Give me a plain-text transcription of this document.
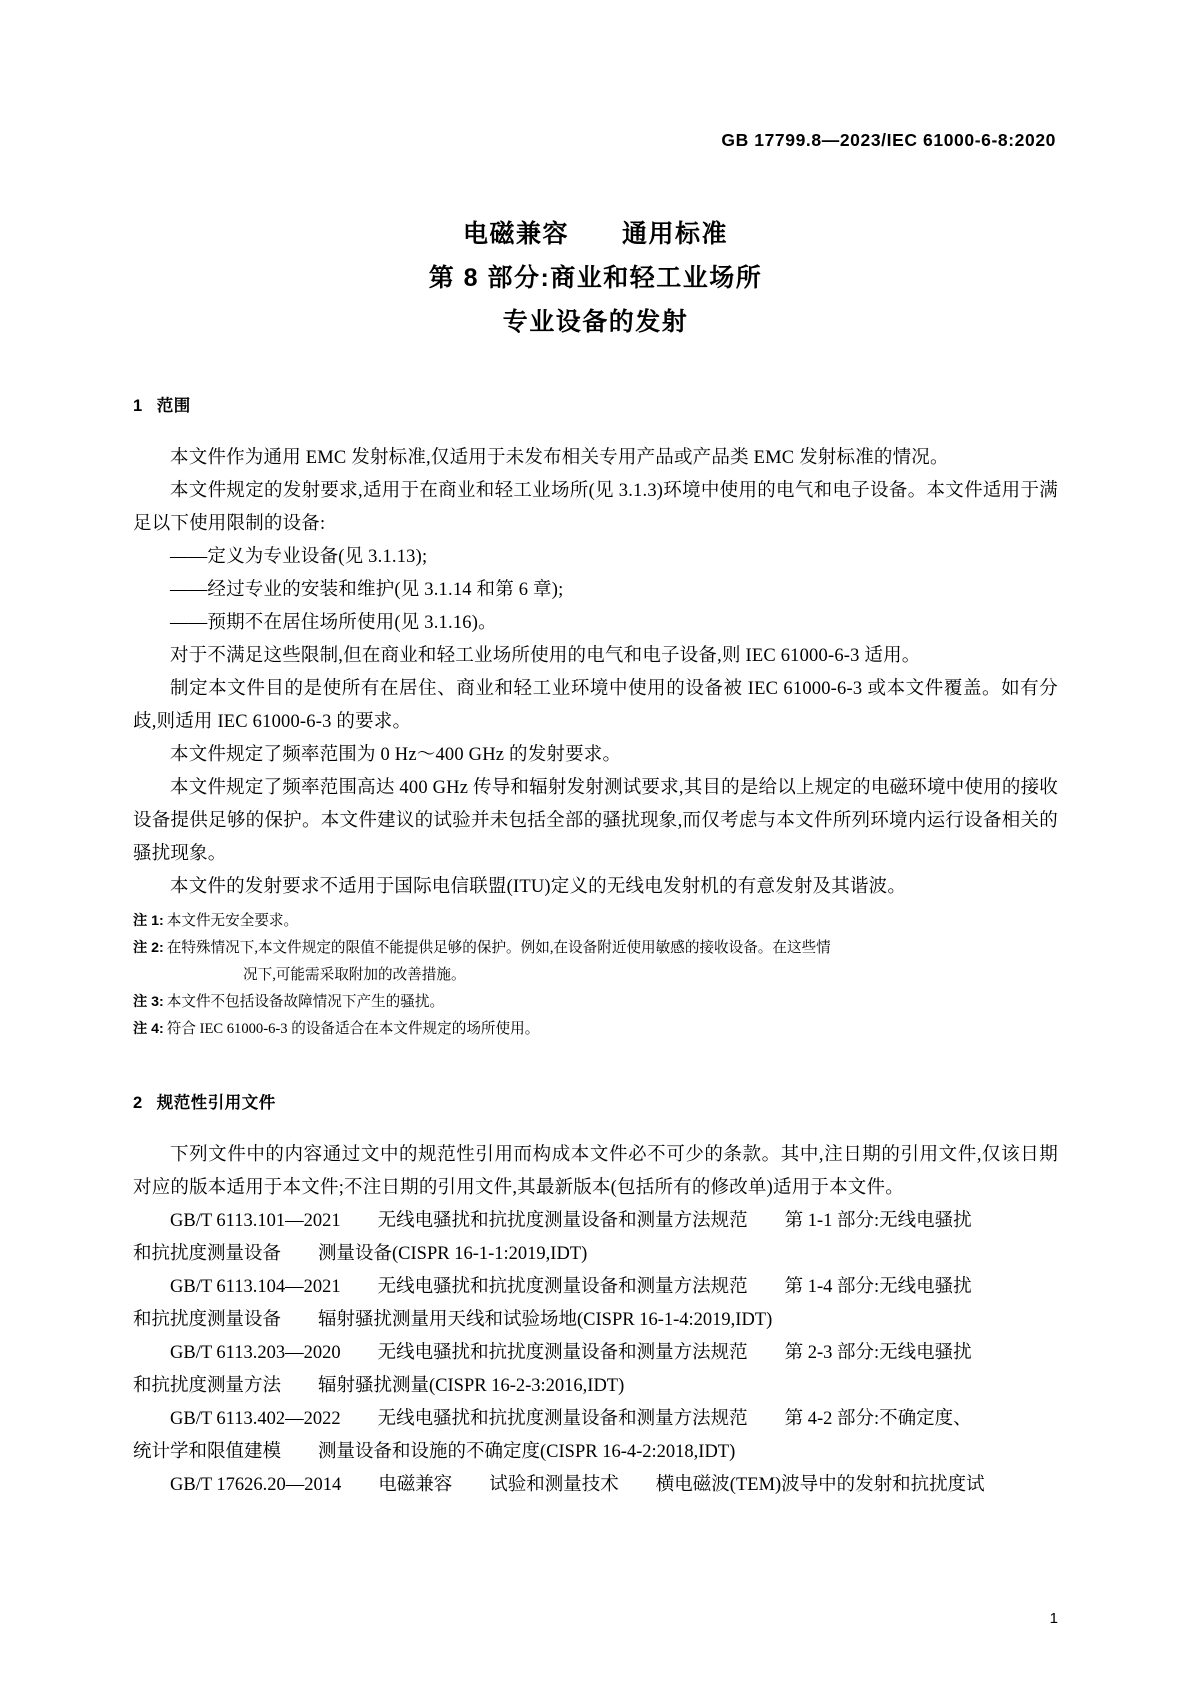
GB 17799.8—2023/IEC 61000-6-8:2020
电磁兼容　　通用标准
第 8 部分:商业和轻工业场所
专业设备的发射
1 范围

本文件作为通用 EMC 发射标准,仅适用于未发布相关专用产品或产品类 EMC 发射标准的情况。

本文件规定的发射要求,适用于在商业和轻工业场所(见 3.1.3)环境中使用的电气和电子设备。本文件适用于满足以下使用限制的设备:

——定义为专业设备(见 3.1.13);

——经过专业的安装和维护(见 3.1.14 和第 6 章);

——预期不在居住场所使用(见 3.1.16)。

对于不满足这些限制,但在商业和轻工业场所使用的电气和电子设备,则 IEC 61000-6-3 适用。

制定本文件目的是使所有在居住、商业和轻工业环境中使用的设备被 IEC 61000-6-3 或本文件覆盖。如有分歧,则适用 IEC 61000-6-3 的要求。

本文件规定了频率范围为 0 Hz～400 GHz 的发射要求。

本文件规定了频率范围高达 400 GHz 传导和辐射发射测试要求,其目的是给以上规定的电磁环境中使用的接收设备提供足够的保护。本文件建议的试验并未包括全部的骚扰现象,而仅考虑与本文件所列环境内运行设备相关的骚扰现象。

本文件的发射要求不适用于国际电信联盟(ITU)定义的无线电发射机的有意发射及其谐波。

注 1: 本文件无安全要求。

注 2: 在特殊情况下,本文件规定的限值不能提供足够的保护。例如,在设备附近使用敏感的接收设备。在这些情

况下,可能需采取附加的改善措施。

注 3: 本文件不包括设备故障情况下产生的骚扰。

注 4: 符合 IEC 61000-6-3 的设备适合在本文件规定的场所使用。

2 规范性引用文件

下列文件中的内容通过文中的规范性引用而构成本文件必不可少的条款。其中,注日期的引用文件,仅该日期对应的版本适用于本文件;不注日期的引用文件,其最新版本(包括所有的修改单)适用于本文件。

GB/T 6113.101—2021　　无线电骚扰和抗扰度测量设备和测量方法规范　　第 1-1 部分:无线电骚扰

和抗扰度测量设备　　测量设备(CISPR 16-1-1:2019,IDT)

GB/T 6113.104—2021　　无线电骚扰和抗扰度测量设备和测量方法规范　　第 1-4 部分:无线电骚扰

和抗扰度测量设备　　辐射骚扰测量用天线和试验场地(CISPR 16-1-4:2019,IDT)

GB/T 6113.203—2020　　无线电骚扰和抗扰度测量设备和测量方法规范　　第 2-3 部分:无线电骚扰

和抗扰度测量方法　　辐射骚扰测量(CISPR 16-2-3:2016,IDT)

GB/T 6113.402—2022　　无线电骚扰和抗扰度测量设备和测量方法规范　　第 4-2 部分:不确定度、

统计学和限值建模　　测量设备和设施的不确定度(CISPR 16-4-2:2018,IDT)

GB/T 17626.20—2014　　电磁兼容　　试验和测量技术　　横电磁波(TEM)波导中的发射和抗扰度试

1
